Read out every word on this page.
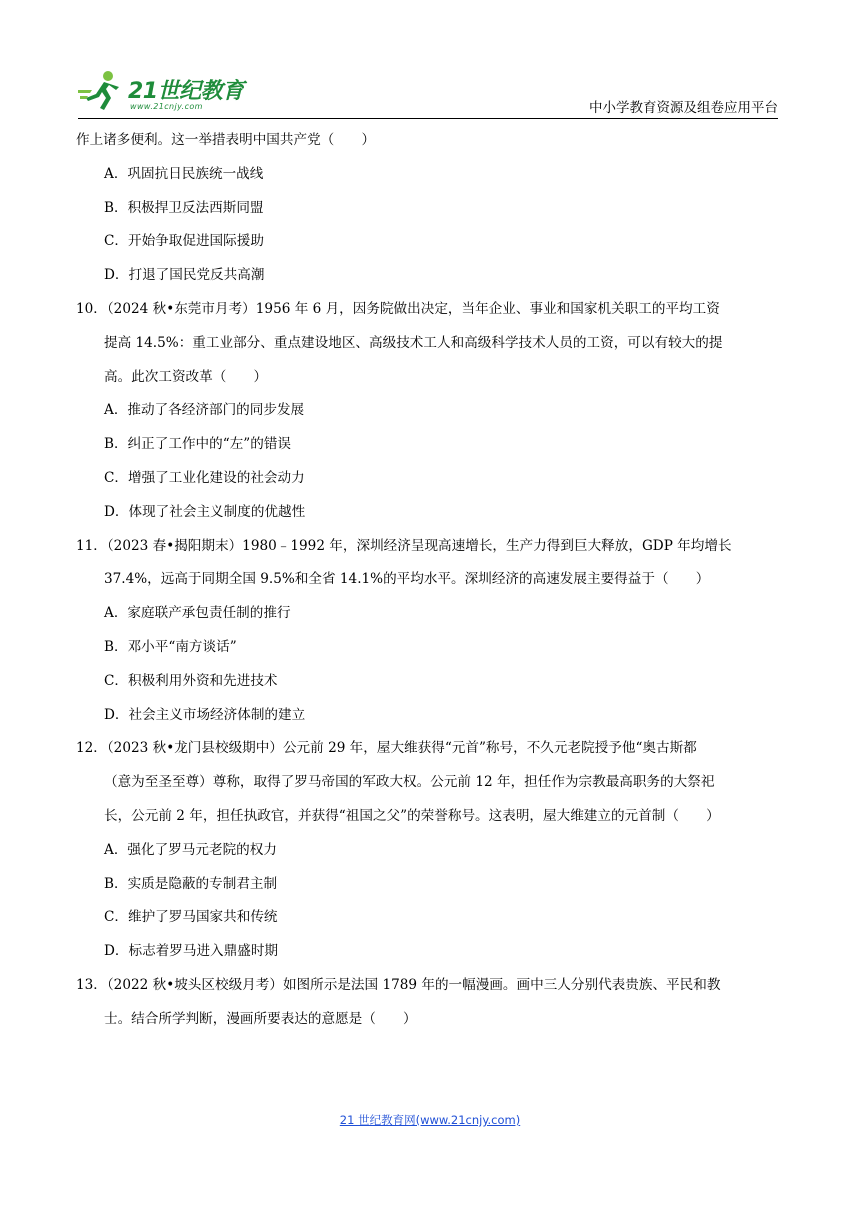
21世纪教育
www.21cnjy.com	中小学教育资源及组卷应用平台
作上诸多便利。这一举措表明中国共产党（　　）
A．巩固抗日民族统一战线
B．积极捍卫反法西斯同盟
C．开始争取促进国际援助
D．打退了国民党反共高潮
10．（2024 秋•东莞市月考）1956 年 6 月，因务院做出决定，当年企业、事业和国家机关职工的平均工资
提高 14.5%：重工业部分、重点建设地区、高级技术工人和高级科学技术人员的工资，可以有较大的提
高。此次工资改革（　　）
A．推动了各经济部门的同步发展
B．纠正了工作中的“左”的错误
C．增强了工业化建设的社会动力
D．体现了社会主义制度的优越性
11．（2023 春•揭阳期末）1980﹣1992 年，深圳经济呈现高速增长，生产力得到巨大释放，GDP 年均增长
37.4%，远高于同期全国 9.5%和全省 14.1%的平均水平。深圳经济的高速发展主要得益于（　　）
A．家庭联产承包责任制的推行
B．邓小平“南方谈话”
C．积极利用外资和先进技术
D．社会主义市场经济体制的建立
12．（2023 秋•龙门县校级期中）公元前 29 年，屋大维获得“元首”称号，不久元老院授予他“奥古斯都
（意为至圣至尊）尊称，取得了罗马帝国的军政大权。公元前 12 年，担任作为宗教最高职务的大祭祀
长，公元前 2 年，担任执政官，并获得“祖国之父”的荣誉称号。这表明，屋大维建立的元首制（　　）
A．强化了罗马元老院的权力
B．实质是隐蔽的专制君主制
C．维护了罗马国家共和传统
D．标志着罗马进入鼎盛时期
13．（2022 秋•坡头区校级月考）如图所示是法国 1789 年的一幅漫画。画中三人分别代表贵族、平民和教
士。结合所学判断，漫画所要表达的意愿是（　　）
21 世纪教育网(www.21cnjy.com)
